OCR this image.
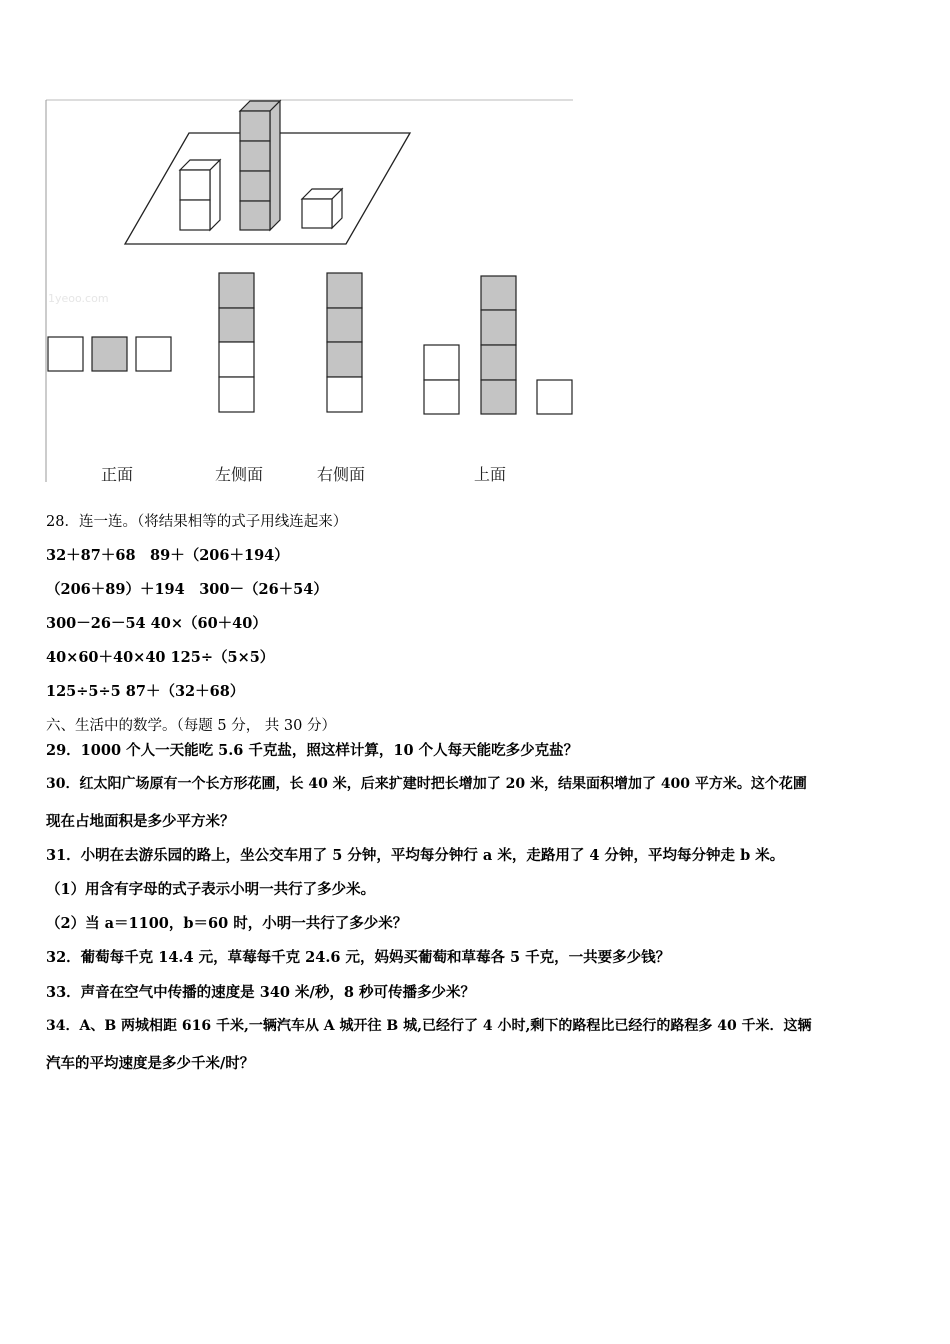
1yeoo.com
正面	左侧面	右侧面	上面
28．连一连。（将结果相等的式子用线连起来）
32＋87＋68　89＋（206＋194）
（206＋89）＋194　300－（26＋54）
300－26－54 40×（60＋40）
40×60＋40×40 125÷（5×5）
125÷5÷5 87＋（32＋68）
六、生活中的数学。（每题 5 分， 共 30 分）
29．1000 个人一天能吃 5.6 千克盐，照这样计算，10 个人每天能吃多少克盐？
30．红太阳广场原有一个长方形花圃，长 40 米，后来扩建时把长增加了 20 米，结果面积增加了 400 平方米。这个花圃
现在占地面积是多少平方米？
31．小明在去游乐园的路上，坐公交车用了 5 分钟，平均每分钟行 a 米，走路用了 4 分钟，平均每分钟走 b 米。
（1）用含有字母的式子表示小明一共行了多少米。
（2）当 a＝1100，b＝60 时，小明一共行了多少米？
32．葡萄每千克 14.4 元，草莓每千克 24.6 元，妈妈买葡萄和草莓各 5 千克，一共要多少钱？
33．声音在空气中传播的速度是 340 米/秒，8 秒可传播多少米？
34．A、B 两城相距 616 千米,一辆汽车从 A 城开往 B 城,已经行了 4 小时,剩下的路程比已经行的路程多 40 千米．这辆
汽车的平均速度是多少千米/时？
